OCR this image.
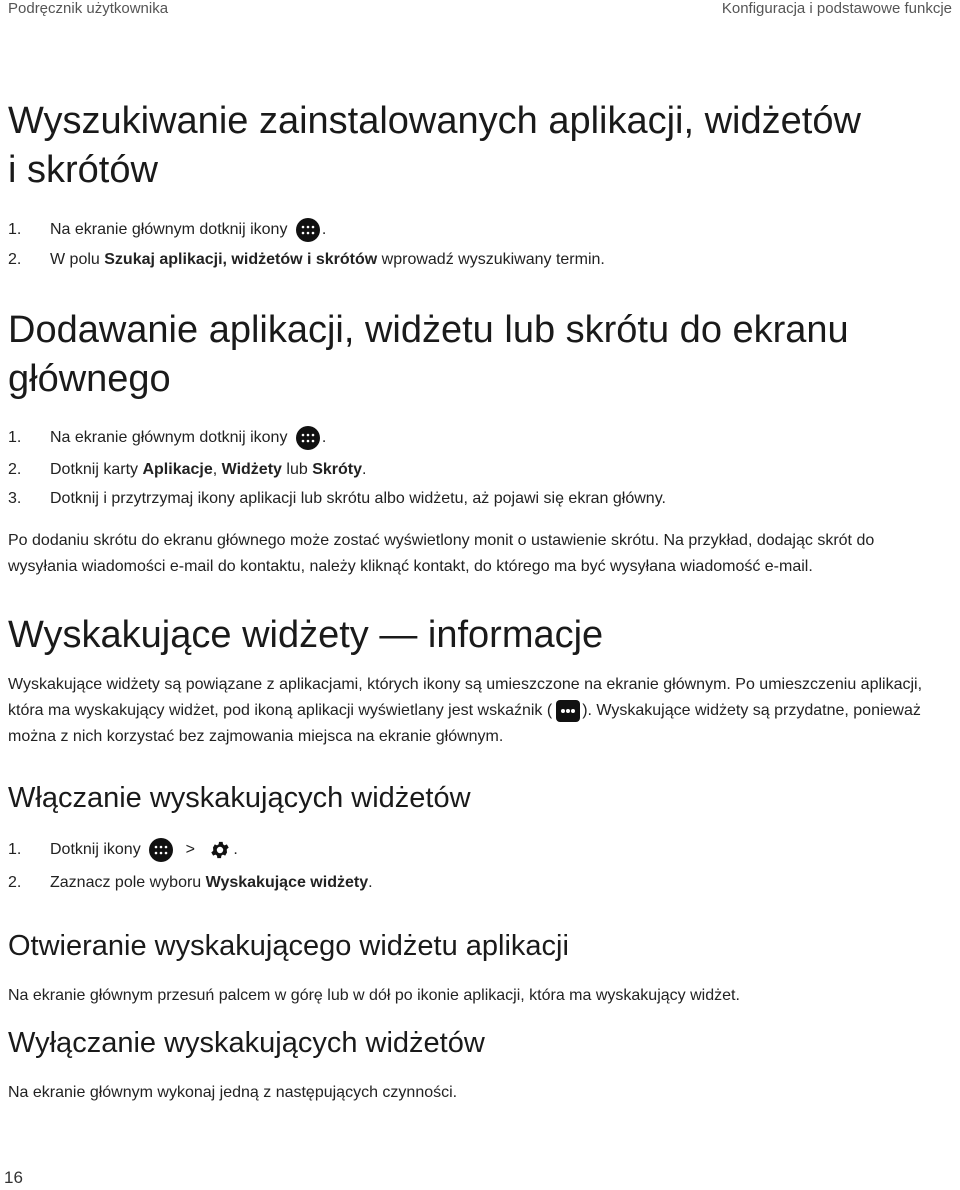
Podręcznik użytkownika	Konfiguracja i podstawowe funkcje
Wyszukiwanie zainstalowanych aplikacji, widżetów
i skrótów
1. Na ekranie głównym dotknij ikony .
2. W polu Szukaj aplikacji, widżetów i skrótów wprowadź wyszukiwany termin.
Dodawanie aplikacji, widżetu lub skrótu do ekranu
głównego
1. Na ekranie głównym dotknij ikony .
2. Dotknij karty Aplikacje, Widżety lub Skróty.
3. Dotknij i przytrzymaj ikony aplikacji lub skrótu albo widżetu, aż pojawi się ekran główny.

Po dodaniu skrótu do ekranu głównego może zostać wyświetlony monit o ustawienie skrótu. Na przykład, dodając skrót do wysyłania wiadomości e-mail do kontaktu, należy kliknąć kontakt, do którego ma być wysyłana wiadomość e-mail.

Wyskakujące widżety — informacje

Wyskakujące widżety są powiązane z aplikacjami, których ikony są umieszczone na ekranie głównym. Po umieszczeniu aplikacji, która ma wyskakujący widżet, pod ikoną aplikacji wyświetlany jest wskaźnik ( ). Wyskakujące widżety są przydatne, ponieważ można z nich korzystać bez zajmowania miejsca na ekranie głównym.

Włączanie wyskakujących widżetów
1. Dotknij ikony	> .
2. Zaznacz pole wyboru Wyskakujące widżety.
Otwieranie wyskakującego widżetu aplikacji

Na ekranie głównym przesuń palcem w górę lub w dół po ikonie aplikacji, która ma wyskakujący widżet.

Wyłączanie wyskakujących widżetów

Na ekranie głównym wykonaj jedną z następujących czynności.

16
